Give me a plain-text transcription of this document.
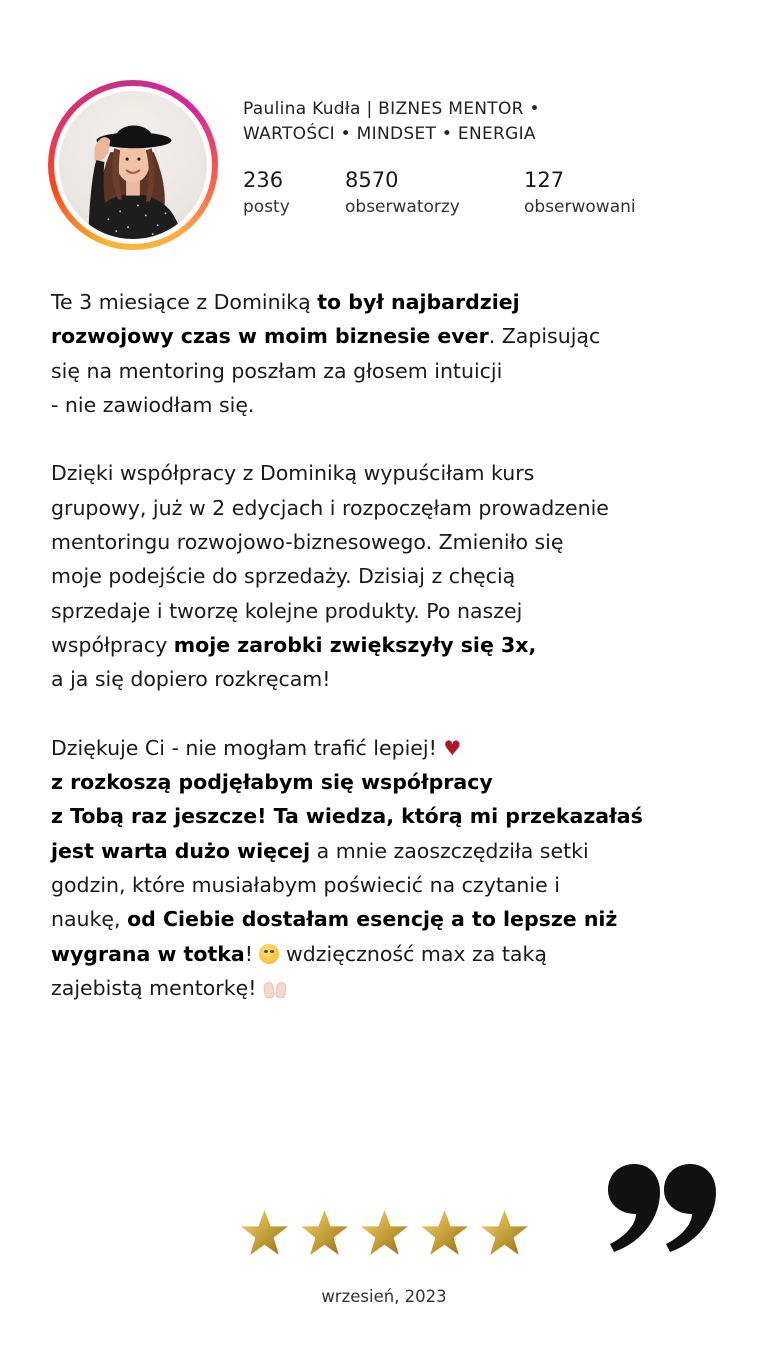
Paulina Kudła | BIZNES MENTOR •
WARTOŚCI • MINDSET • ENERGIA
236
posty
8570
obserwatorzy
127
obserwowani
Te 3 miesiące z Dominiką to był najbardziej
rozwojowy czas w moim biznesie ever. Zapisując
się na mentoring poszłam za głosem intuicji
- nie zawiodłam się.
Dzięki współpracy z Dominiką wypuściłam kurs
grupowy, już w 2 edycjach i rozpoczęłam prowadzenie
mentoringu rozwojowo-biznesowego. Zmieniło się
moje podejście do sprzedaży. Dzisiaj z chęcią
sprzedaje i tworzę kolejne produkty. Po naszej
współpracy moje zarobki zwiększyły się 3x,
a ja się dopiero rozkręcam!
Dziękuje Ci - nie mogłam trafić lepiej! ♥
z rozkoszą podjęłabym się współpracy
z Tobą raz jeszcze! Ta wiedza, którą mi przekazałaś
jest warta dużo więcej a mnie zaoszczędziła setki
godzin, które musiałabym poświecić na czytanie i
naukę, od Ciebie dostałam esencję a to lepsze niż
wygrana w totka!  wdzięczność max za taką
zajebistą mentorkę!
wrzesień, 2023
